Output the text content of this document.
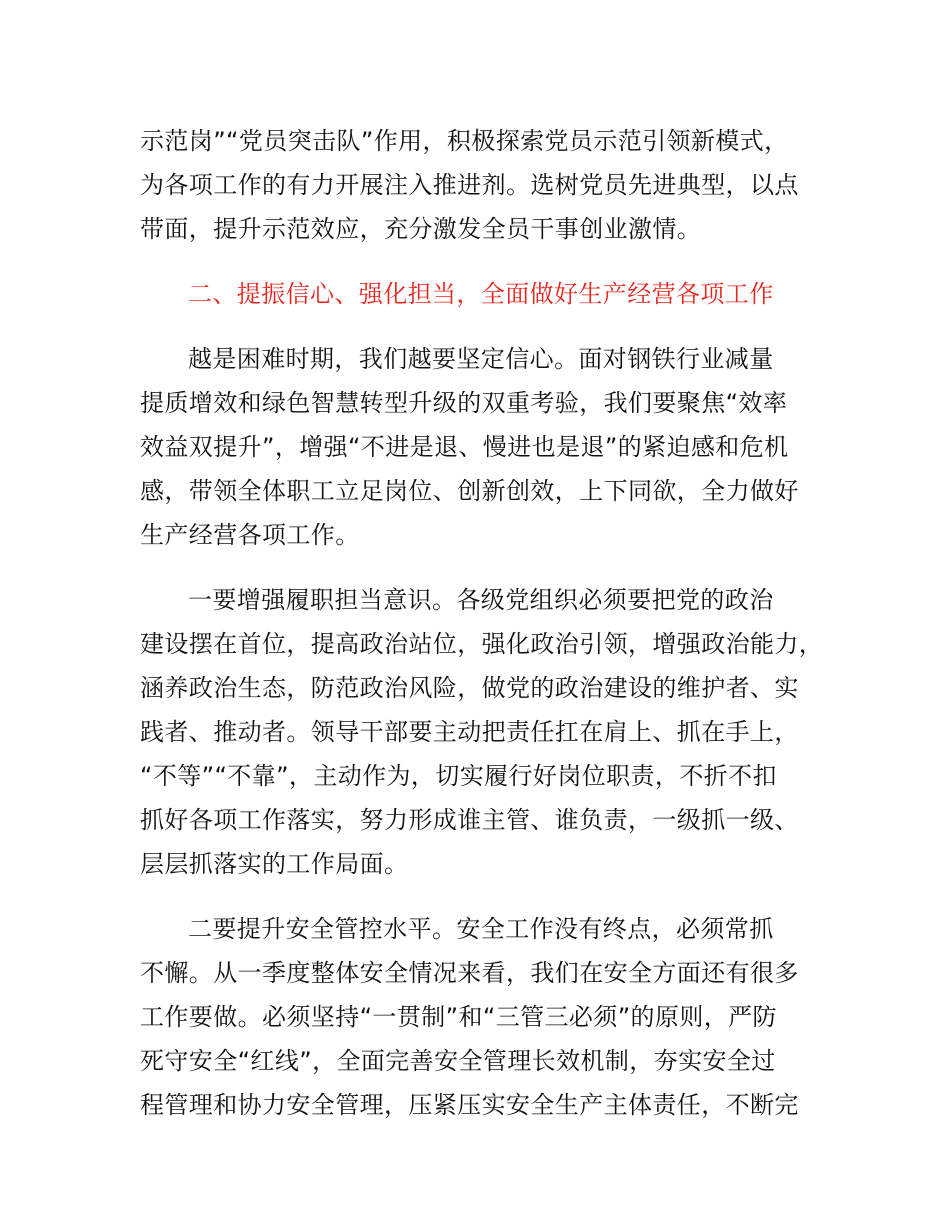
示范岗”“党员突击队”作用，积极探索党员示范引领新模式，
为各项工作的有力开展注入推进剂。选树党员先进典型，以点
带面，提升示范效应，充分激发全员干事创业激情。
二、提振信心、强化担当，全面做好生产经营各项工作
越是困难时期，我们越要坚定信心。面对钢铁行业减量
提质增效和绿色智慧转型升级的双重考验，我们要聚焦“效率
效益双提升”，增强“不进是退、慢进也是退”的紧迫感和危机
感，带领全体职工立足岗位、创新创效，上下同欲，全力做好
生产经营各项工作。
一要增强履职担当意识。各级党组织必须要把党的政治
建设摆在首位，提高政治站位，强化政治引领，增强政治能力，
涵养政治生态，防范政治风险，做党的政治建设的维护者、实
践者、推动者。领导干部要主动把责任扛在肩上、抓在手上，
“不等”“不靠”，主动作为，切实履行好岗位职责，不折不扣
抓好各项工作落实，努力形成谁主管、谁负责，一级抓一级、
层层抓落实的工作局面。
二要提升安全管控水平。安全工作没有终点，必须常抓
不懈。从一季度整体安全情况来看，我们在安全方面还有很多
工作要做。必须坚持“一贯制”和“三管三必须”的原则，严防
死守安全“红线”，全面完善安全管理长效机制，夯实安全过
程管理和协力安全管理，压紧压实安全生产主体责任，不断完
